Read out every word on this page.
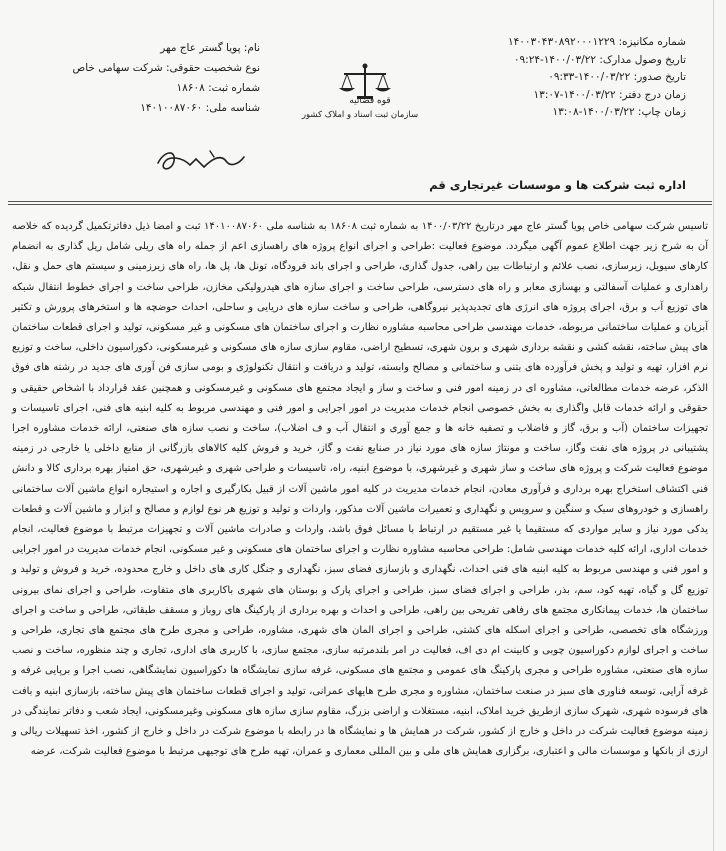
شماره مکانیزه: ۱۴۰۰۳۰۴۳۰۸۹۲۰۰۰۱۲۲۹
تاریخ وصول مدارک: ۱۴۰۰/۰۳/۲۲-۰۹:۲۴
تاریخ صدور: ۱۴۰۰/۰۳/۲۲-۰۹:۳۳
زمان درج دفتر: ۱۴۰۰/۰۳/۲۲-۱۳:۰۷
زمان چاپ: ۱۴۰۰/۰۳/۲۲-۱۳:۰۸
نام: پویا گستر عاج مهر
نوع شخصیت حقوقی: شرکت سهامی خاص
شماره ثبت: ۱۸۶۰۸
شناسه ملی: ۱۴۰۱۰۰۸۷۰۶۰
قوه قضائیه
سازمان ثبت اسناد و املاک کشور
اداره ثبت شرکت ها و موسسات غیرتجاری قم

تاسیس شرکت سهامی خاص پویا گستر عاج مهر درتاریخ ۱۴۰۰/۰۳/۲۲ به شماره ثبت ۱۸۶۰۸ به شناسه ملی ۱۴۰۱۰۰۸۷۰۶۰ ثبت و امضا ذیل دفاترتکمیل گردیده که خلاصه آن به شرح زیر جهت اطلاع عموم آگهی میگردد. موضوع فعالیت :طراحی و اجرای انواع پروژه های راهسازی اعم از جمله راه های ریلی شامل ریل گذاری به انضمام کارهای سیویل، زیرسازی، نصب علائم و ارتباطات بین راهی، جدول گذاری، طراحی و اجرای باند فرودگاه، تونل ها، پل ها، راه های زیرزمینی و سیستم های حمل و نقل، راهداری و عملیات آسفالتی و بهسازی معابر و راه های دسترسی، طراحی ساخت و اجرای سازه های هیدرولیکی مخازن، طراحی ساخت و اجرای خطوط انتقال شبکه های توزیع آب و برق، اجرای پروژه های انرژی های تجدیدپذیر نیروگاهی، طراحی و ساخت سازه های دریایی و ساحلی، احداث حوضچه ها و استخرهای پرورش و تکثیر آبزیان و عملیات ساختمانی مربوطه، خدمات مهندسی طراحی محاسبه مشاوره نظارت و اجرای ساختمان های مسکونی و غیر مسکونی، تولید و اجرای قطعات ساختمان های پیش ساخته، نقشه کشی و نقشه برداری شهری و برون شهری، تسطیح اراضی، مقاوم سازی سازه های مسکونی و غیرمسکونی، دکوراسیون داخلی، ساخت و توزیع نرم افزار، تهیه و تولید و پخش فرآورده های بتنی و ساختمانی و مصالح وابسته، تولید و دریافت و انتقال تکنولوژی و بومی سازی فن آوری های جدید در رشته های فوق الذکر، عرضه خدمات مطالعاتی، مشاوره ای در زمینه امور فنی و ساخت و ساز و ایجاد مجتمع های مسکونی و غیرمسکونی و همچنین عقد قرارداد با اشخاص حقیقی و حقوقی و ارائه خدمات قابل واگذاری به بخش خصوصی انجام خدمات مدیریت در امور اجرایی و امور فنی و مهندسی مربوط به کلیه ابنیه های فنی، اجرای تاسیسات و تجهیزات ساختمان (آب و برق، گاز و فاضلاب و تصفیه خانه ها و جمع آوری و انتقال آب و ف اضلاب)، ساخت و نصب سازه های صنعتی، ارائه خدمات مشاوره اجرا پشتیبانی در پروژه های نفت وگاز، ساخت و مونتاژ سازه های مورد نیاز در صنایع نفت و گاز، خرید و فروش کلیه کالاهای بازرگانی از منابع داخلی یا خارجی در زمینه موضوع فعالیت شرکت و پروژه های ساخت و ساز شهری و غیرشهری، با موضوع ابنیه، راه، تاسیسات و طراحی شهری و غیرشهری، حق امتیاز بهره برداری کالا و دانش فنی اکتشاف استخراج بهره برداری و فرآوری معادن، انجام خدمات مدیریت در کلیه امور ماشین آلات از قبیل بکارگیری و اجاره و استیجاره انواع ماشین آلات ساختمانی راهسازی و خودروهای سبک و سنگین و سرویس و نگهداری و تعمیرات ماشین آلات مذکور، واردات و تولید و توزیع هر نوع لوازم و مصالح و ابزار و ماشین آلات و قطعات یدکی مورد نیاز و سایر مواردی که مستقیما یا غیر مستقیم در ارتباط با مسائل فوق باشد، واردات و صادرات ماشین آلات و تجهیزات مرتبط با موضوع فعالیت، انجام خدمات اداری، ارائه کلیه خدمات مهندسی شامل: طراحی محاسبه مشاوره نظارت و اجرای ساختمان های مسکونی و غیر مسکونی، انجام خدمات مدیریت در امور اجرایی و امور فنی و مهندسی مربوط به کلیه ابنیه های فنی احداث، نگهداری و بازسازی فضای سبز، نگهداری و جنگل کاری های داخل و خارج محدوده، خرید و فروش و تولید و توزیع گل و گیاه، تهیه کود، سم، بذر، طراحی و اجرای فضای سبز، طراحی و اجرای پارک و بوستان های شهری باکاربری های متفاوت، طراحی و اجرای نمای بیرونی ساختمان ها، خدمات پیمانکاری مجتمع های رفاهی تفریحی بین راهی، طراحی و احداث و بهره برداری از پارکینگ های روباز و مسقف طبقاتی، طراحی و ساخت و اجرای ورزشگاه های تخصصی، طراحی و اجرای اسکله های کشتی، طراحی و اجرای المان های شهری، مشاوره، طراحی و مجری طرح های مجتمع های تجاری، طراحی و ساخت و اجرای لوازم دکوراسیون چوبی و کابینت ام دی اف، فعالیت در امر بلندمرتبه سازی، مجتمع سازی، با کاربری های اداری، تجاری و چند منظوره، ساخت و نصب سازه های صنعتی، مشاوره طراحی و مجری پارکینگ های عمومی و مجتمع های مسکونی، غرفه سازی نمایشگاه ها دکوراسیون نمایشگاهی، نصب اجرا و برپایی غرفه و غرفه آرایی، توسعه فناوری های سبز در صنعت ساختمان، مشاوره و مجری طرح هایهای عمرانی، تولید و اجرای قطعات ساختمان های پیش ساخته، بازسازی ابنیه و بافت های فرسوده شهری، شهرک سازی ازطریق خرید املاک، ابنیه، مستغلات و اراضی بزرگ، مقاوم سازی سازه های مسکونی وغیرمسکونی، ایجاد شعب و دفاتر نمایندگی در زمینه موضوع فعالیت شرکت در داخل و خارج از کشور، شرکت در همایش ها و نمایشگاه ها در رابطه با موضوع شرکت در داخل و خارج از کشور، اخذ تسهیلات ریالی و ارزی از بانکها و موسسات مالی و اعتباری، برگزاری همایش های ملی و بین المللی معماری و عمران، تهیه طرح های توجیهی مرتبط با موضوع فعالیت شرکت، عرضه
